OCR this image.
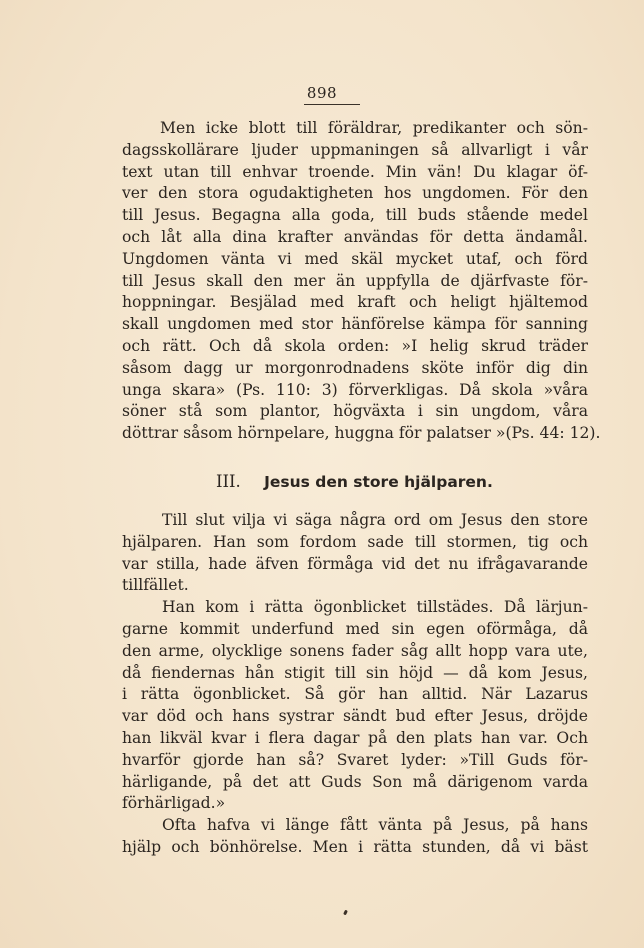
898
Men icke blott till föräldrar, predikanter och sön-
dagsskollärare ljuder uppmaningen så allvarligt i vår
text utan till enhvar troende. Min vän! Du klagar öf-
ver den stora ogudaktigheten hos ungdomen. För den
till Jesus. Begagna alla goda, till buds stående medel
och låt alla dina krafter användas för detta ändamål.
Ungdomen vänta vi med skäl mycket utaf, och förd
till Jesus skall den mer än uppfylla de djärfvaste för-
hoppningar. Besjälad med kraft och heligt hjältemod
skall ungdomen med stor hänförelse kämpa för sanning
och rätt. Och då skola orden: »I helig skrud träder
såsom dagg ur morgonrodnadens sköte inför dig din
unga skara» (Ps. 110: 3) förverkligas. Då skola »våra
söner stå som plantor, högväxta i sin ungdom, våra
döttrar såsom hörnpelare, huggna för palatser »(Ps. 44: 12).
III. Jesus den store hjälparen.
Till slut vilja vi säga några ord om Jesus den store
hjälparen. Han som fordom sade till stormen, tig och
var stilla, hade äfven förmåga vid det nu ifrågavarande
tillfället.
Han kom i rätta ögonblicket tillstädes. Då lärjun-
garne kommit underfund med sin egen oförmåga, då
den arme, olycklige sonens fader såg allt hopp vara ute,
då fiendernas hån stigit till sin höjd — då kom Jesus,
i rätta ögonblicket. Så gör han alltid. När Lazarus
var död och hans systrar sändt bud efter Jesus, dröjde
han likväl kvar i flera dagar på den plats han var. Och
hvarför gjorde han så? Svaret lyder: »Till Guds för-
härligande, på det att Guds Son må därigenom varda
förhärligad.»
Ofta hafva vi länge fått vänta på Jesus, på hans
hjälp och bönhörelse. Men i rätta stunden, då vi bäst
